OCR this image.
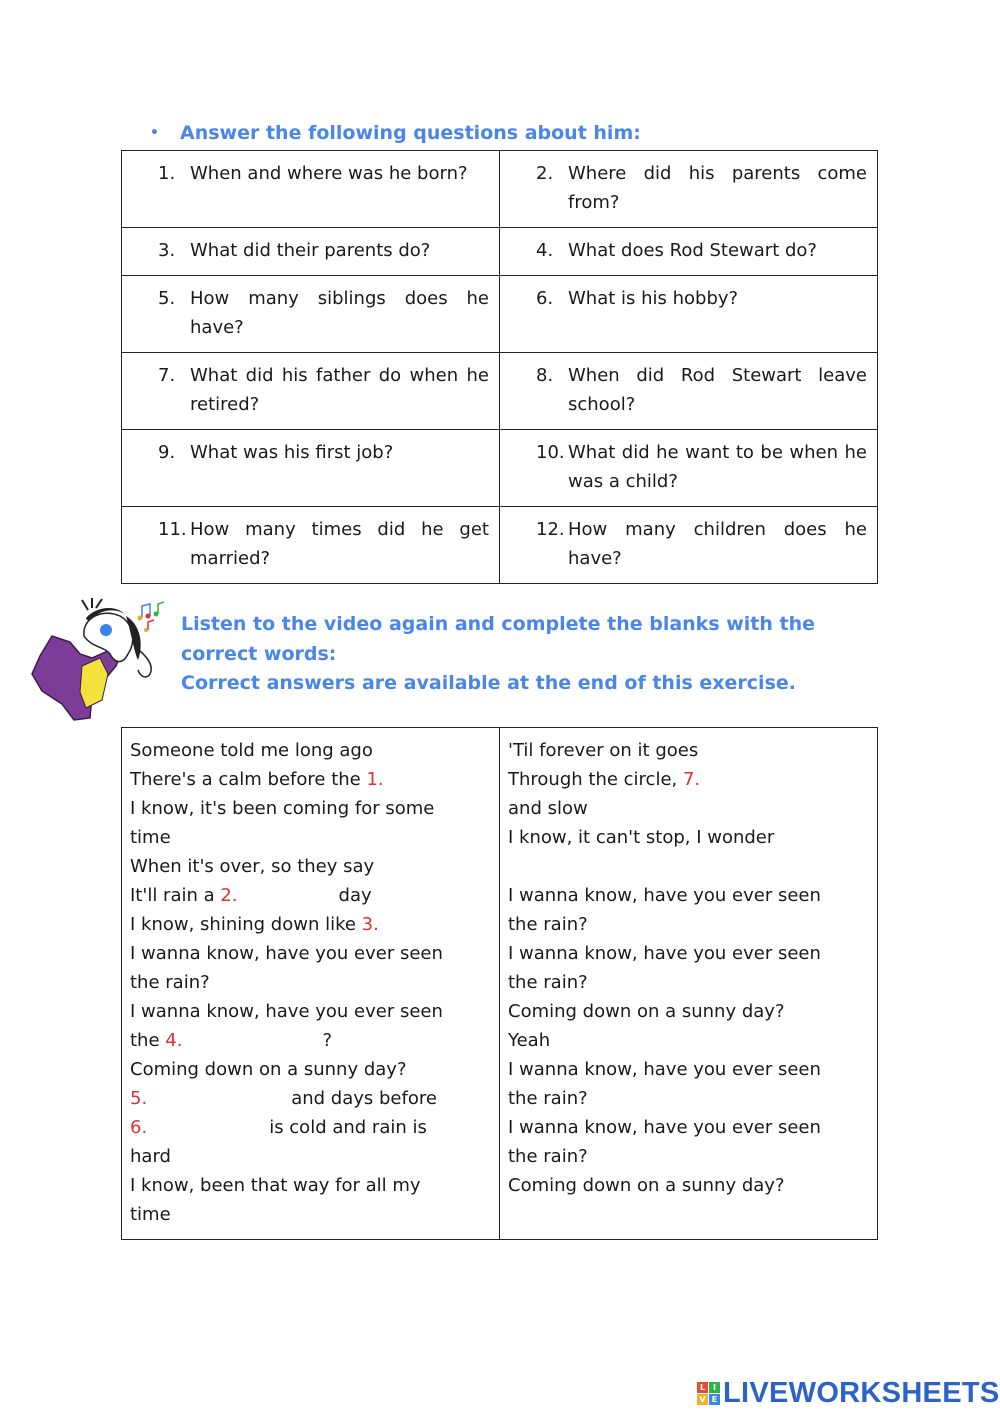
• Answer the following questions about him:
1. When and where was he born?	2. Where did his parents come from?

3. What did their parents do?	4. What does Rod Stewart do?

5. How many siblings does he have?	6. What is his hobby?

7. What did his father do when he retired?	8. When did Rod Stewart leave school?

9. What was his first job?	10. What did he want to be when he was a child?

11. How many times did he get married?	12. How many children does he have?
Listen to the video again and complete the blanks with the correct words:
Correct answers are available at the end of this exercise.
Someone told me long ago
There's a calm before the 1.
I know, it's been coming for some
time
When it's over, so they say
It'll rain a 2.	day
I know, shining down like 3.
I wanna know, have you ever seen
the rain?
I wanna know, have you ever seen
the 4.	?
Coming down on a sunny day?
5.	and days before
6.	is cold and rain is
hard
I know, been that way for all my
time

'Til forever on it goes
Through the circle, 7.
and slow
I know, it can't stop, I wonder
I wanna know, have you ever seen
the rain?
I wanna know, have you ever seen
the rain?
Coming down on a sunny day?
Yeah
I wanna know, have you ever seen
the rain?
I wanna know, have you ever seen
the rain?
Coming down on a sunny day?
L I
V E LIVEWORKSHEETS
